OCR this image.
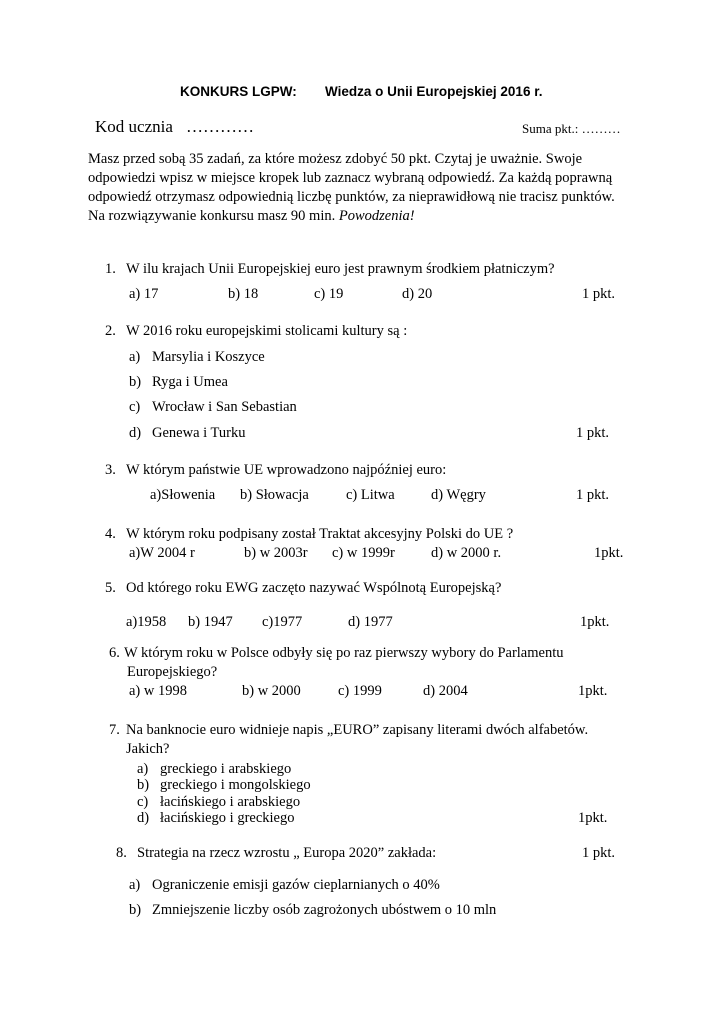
KONKURS LGPW: Wiedza o Unii Europejskiej 2016 r.
Kod ucznia …………	Suma pkt.: ………
Masz przed sobą 35 zadań, za które możesz zdobyć 50 pkt. Czytaj je uważnie. Swoje
odpowiedzi wpisz w miejsce kropek lub zaznacz wybraną odpowiedź. Za każdą poprawną
odpowiedź otrzymasz odpowiednią liczbę punktów, za nieprawidłową nie tracisz punktów.
Na rozwiązywanie konkursu masz 90 min. Powodzenia!
1. W ilu krajach Unii Europejskiej euro jest prawnym środkiem płatniczym?
a) 17	b) 18	c) 19	d) 20	1 pkt.
2. W 2016 roku europejskimi stolicami kultury są :
a) Marsylia i Koszyce
b) Ryga i Umea
c) Wrocław i San Sebastian
d) Genewa i Turku	1 pkt.
3. W którym państwie UE wprowadzono najpóźniej euro:
a)Słowenia b) Słowacja	c) Litwa	d) Węgry	1 pkt.
4. W którym roku podpisany został Traktat akcesyjny Polski do UE ?
a)W 2004 r	b) w 2003r c) w 1999r d) w 2000 r.	1pkt.
5. Od którego roku EWG zaczęto nazywać Wspólnotą Europejską?
a)1958 b) 1947 c)1977	d) 1977	1pkt.
6. W którym roku w Polsce odbyły się po raz pierwszy wybory do Parlamentu
Europejskiego?
a) w 1998	b) w 2000	c) 1999	d) 2004	1pkt.
7. Na banknocie euro widnieje napis „EURO” zapisany literami dwóch alfabetów.
Jakich?
a) greckiego i arabskiego
b) greckiego i mongolskiego
c) łacińskiego i arabskiego
d) łacińskiego i greckiego	1pkt.
8. Strategia na rzecz wzrostu „ Europa 2020” zakłada:	1 pkt.
a) Ograniczenie emisji gazów cieplarnianych o 40%
b) Zmniejszenie liczby osób zagrożonych ubóstwem o 10 mln
